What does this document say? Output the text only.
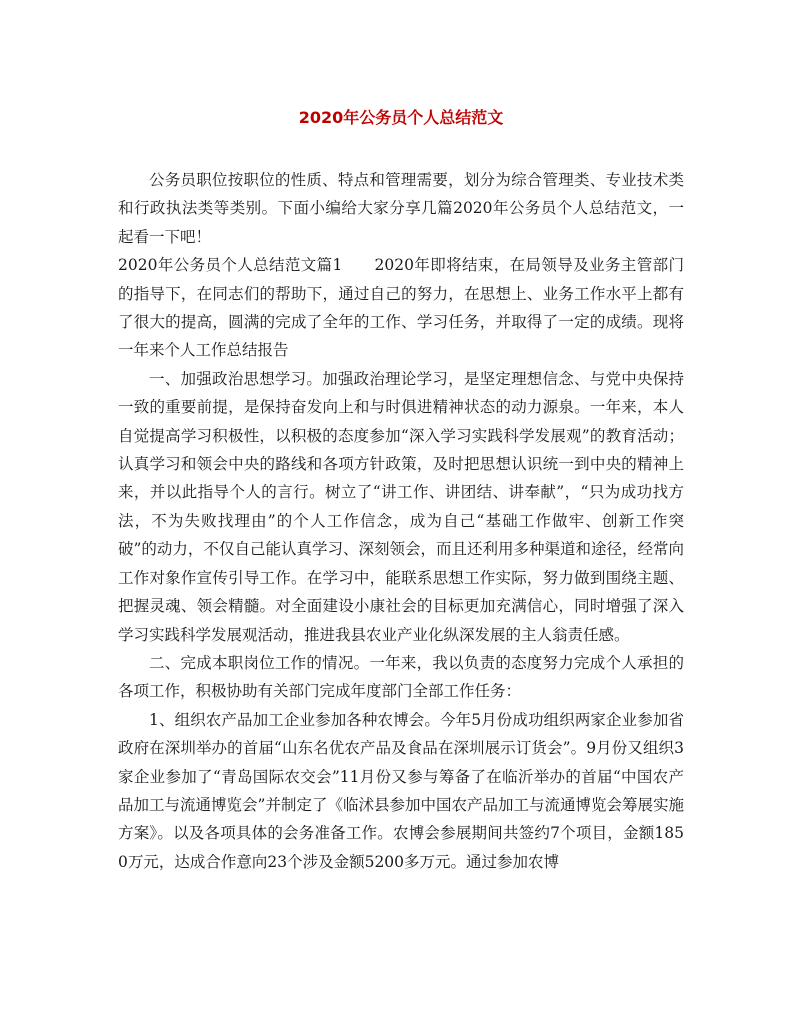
2020年公务员个人总结范文

公务员职位按职位的性质、特点和管理需要，划分为综合管理类、专业技术类和行政执法类等类别。下面小编给大家分享几篇2020年公务员个人总结范文，一起看一下吧！

2020年公务员个人总结范文篇1　　2020年即将结束，在局领导及业务主管部门的指导下，在同志们的帮助下，通过自己的努力，在思想上、业务工作水平上都有了很大的提高，圆满的完成了全年的工作、学习任务，并取得了一定的成绩。现将一年来个人工作总结报告

一、加强政治思想学习。加强政治理论学习，是坚定理想信念、与党中央保持一致的重要前提，是保持奋发向上和与时俱进精神状态的动力源泉。一年来，本人自觉提高学习积极性，以积极的态度参加“深入学习实践科学发展观”的教育活动；认真学习和领会中央的路线和各项方针政策，及时把思想认识统一到中央的精神上来，并以此指导个人的言行。树立了“讲工作、讲团结、讲奉献”，“只为成功找方法，不为失败找理由”的个人工作信念，成为自己“基础工作做牢、创新工作突破”的动力，不仅自己能认真学习、深刻领会，而且还利用多种渠道和途径，经常向工作对象作宣传引导工作。在学习中，能联系思想工作实际，努力做到围绕主题、把握灵魂、领会精髓。对全面建设小康社会的目标更加充满信心，同时增强了深入学习实践科学发展观活动，推进我县农业产业化纵深发展的主人翁责任感。

二、完成本职岗位工作的情况。一年来，我以负责的态度努力完成个人承担的各项工作，积极协助有关部门完成年度部门全部工作任务：

1、组织农产品加工企业参加各种农博会。今年5月份成功组织两家企业参加省政府在深圳举办的首届“山东名优农产品及食品在深圳展示订货会”。9月份又组织3家企业参加了“青岛国际农交会”11月份又参与筹备了在临沂举办的首届“中国农产品加工与流通博览会”并制定了《临沭县参加中国农产品加工与流通博览会筹展实施方案》。以及各项具体的会务准备工作。农博会参展期间共签约7个项目，金额1850万元，达成合作意向23个涉及金额5200多万元。通过参加农博
